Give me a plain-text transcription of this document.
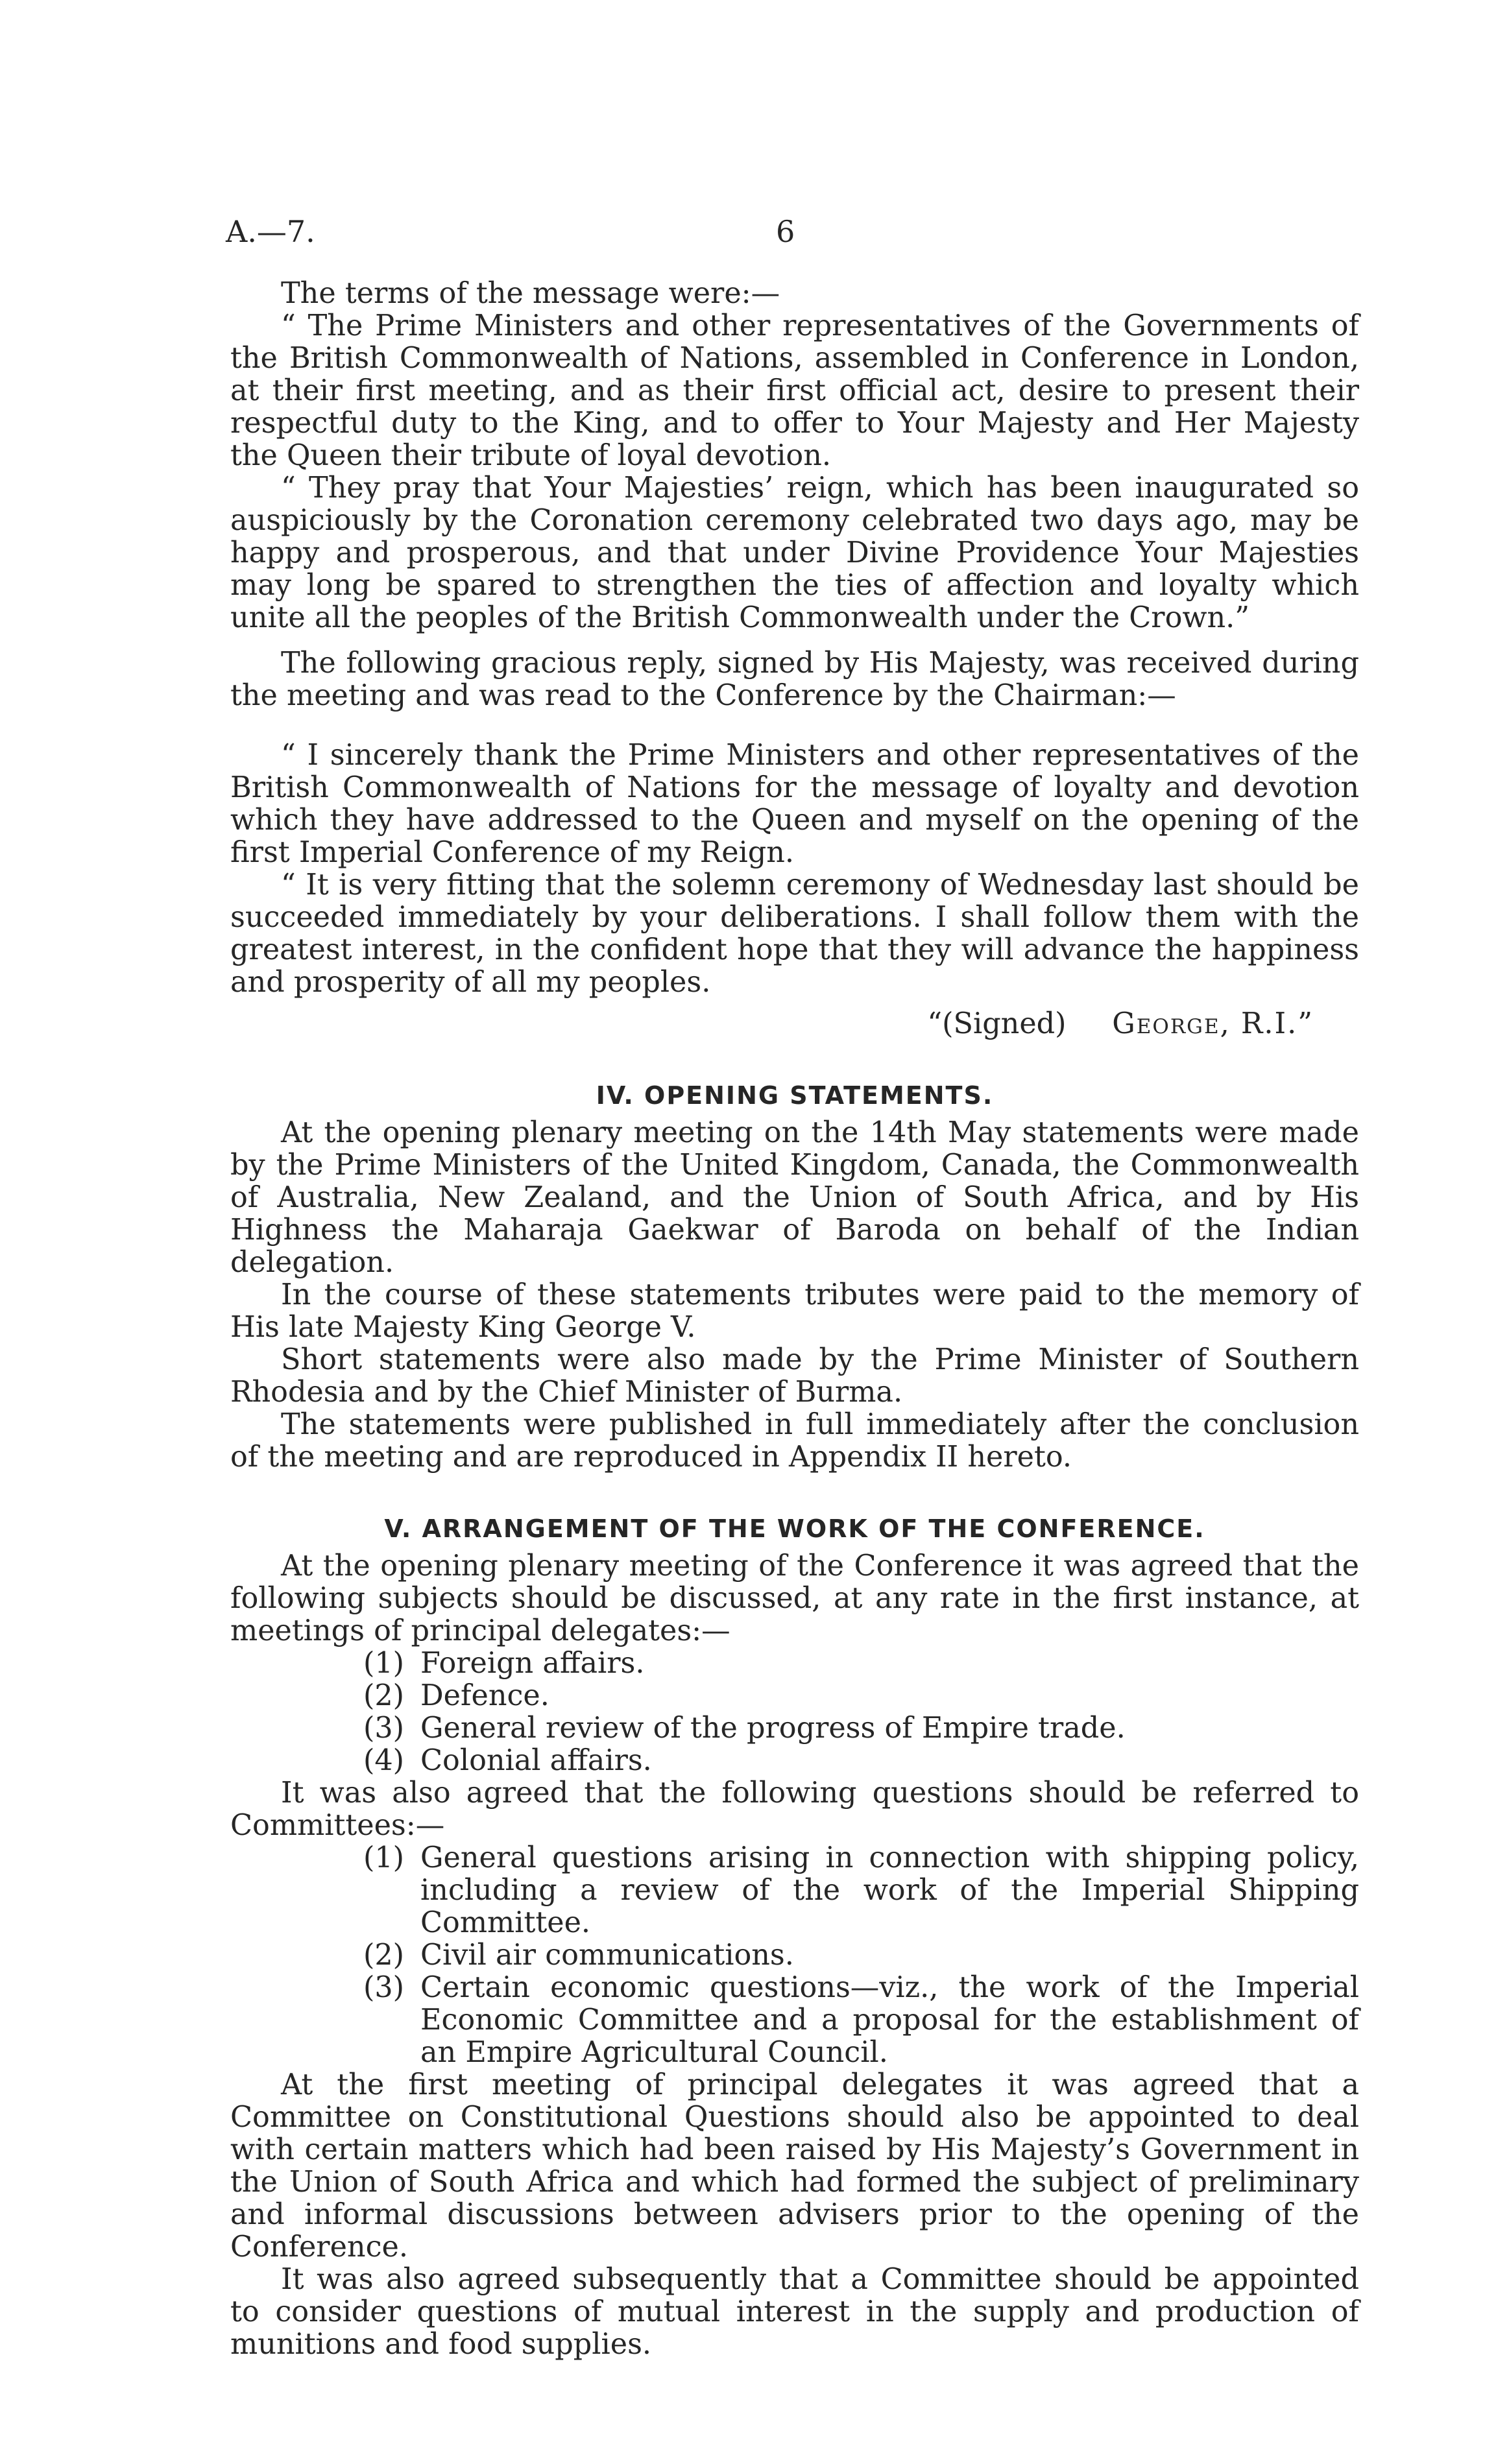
A.—7.	6

The terms of the message were:—

“ The Prime Ministers and other representatives of the Governments of the British Commonwealth of Nations, assembled in Conference in London, at their first meeting, and as their first official act, desire to present their respectful duty to the King, and to offer to Your Majesty and Her Majesty the Queen their tribute of loyal devotion.

“ They pray that Your Majesties’ reign, which has been inaugurated so auspiciously by the Coronation ceremony celebrated two days ago, may be happy and prosperous, and that under Divine Providence Your Majesties may long be spared to strengthen the ties of affection and loyalty which unite all the peoples of the British Commonwealth under the Crown.”

The following gracious reply, signed by His Majesty, was received during the meeting and was read to the Conference by the Chairman:—

“ I sincerely thank the Prime Ministers and other representatives of the British Commonwealth of Nations for the message of loyalty and devotion which they have addressed to the Queen and myself on the opening of the first Imperial Conference of my Reign.

“ It is very fitting that the solemn ceremony of Wednesday last should be succeeded immediately by your deliberations. I shall follow them with the greatest interest, in the confident hope that they will advance the happiness and prosperity of all my peoples.

“(Signed) George, R.I.”

IV. OPENING STATEMENTS.

At the opening plenary meeting on the 14th May statements were made by the Prime Ministers of the United Kingdom, Canada, the Commonwealth of Australia, New Zealand, and the Union of South Africa, and by His Highness the Maharaja Gaekwar of Baroda on behalf of the Indian delegation.

In the course of these statements tributes were paid to the memory of His late Majesty King George V.

Short statements were also made by the Prime Minister of Southern Rhodesia and by the Chief Minister of Burma.

The statements were published in full immediately after the conclusion of the meeting and are reproduced in Appendix II hereto.

V. ARRANGEMENT OF THE WORK OF THE CONFERENCE.

At the opening plenary meeting of the Conference it was agreed that the following subjects should be discussed, at any rate in the first instance, at meetings of principal delegates:—

(1) Foreign affairs.
(2) Defence.
(3) General review of the progress of Empire trade.
(4) Colonial affairs.

It was also agreed that the following questions should be referred to Committees:—

(1) General questions arising in connection with shipping policy, including a review of the work of the Imperial Shipping Committee.
(2) Civil air communications.
(3) Certain economic questions—viz., the work of the Imperial Economic Committee and a proposal for the establishment of an Empire Agricultural Council.

At the first meeting of principal delegates it was agreed that a Committee on Constitutional Questions should also be appointed to deal with certain matters which had been raised by His Majesty’s Government in the Union of South Africa and which had formed the subject of preliminary and informal discussions between advisers prior to the opening of the Conference.

It was also agreed subsequently that a Committee should be appointed to consider questions of mutual interest in the supply and production of munitions and food supplies.
